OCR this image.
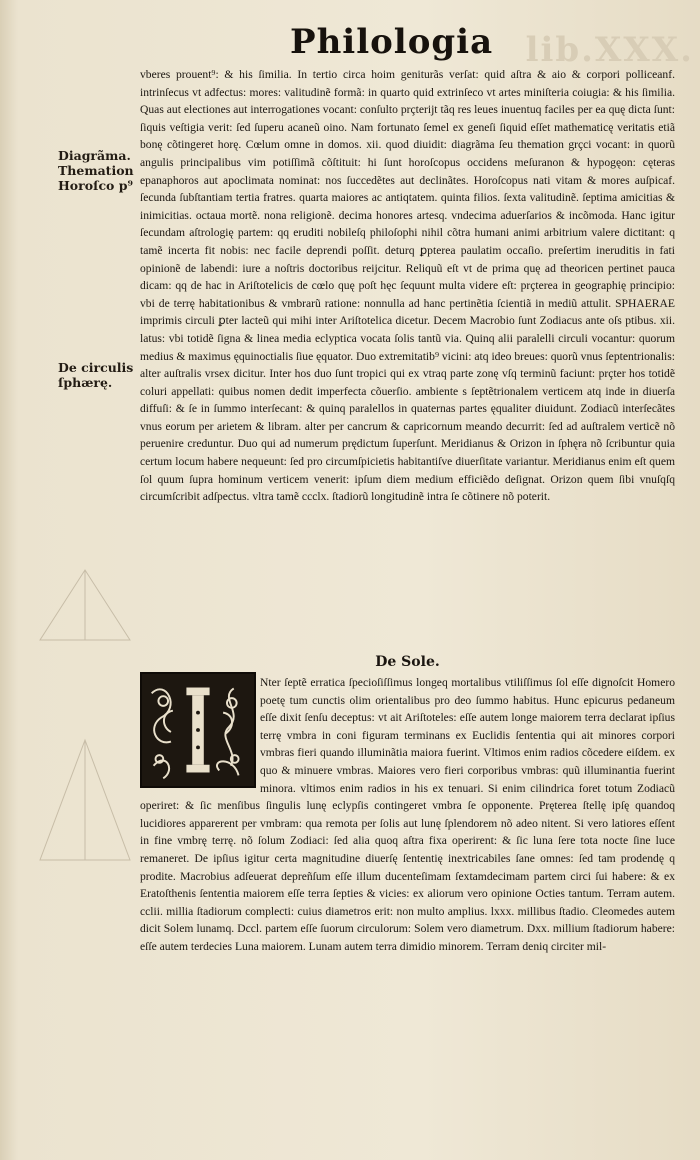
lib.XXX.
Philologia
Diagrãma. Themation Horoſco p⁹
De circulis ſphærę.
vberes prouent⁹: & his ſimilia. In tertio circa hoim geniturãs verſat: quid aſtra & aio & corpori polliceanf. intrinſecus vt adfectus: mores: valitudinẽ formã: in quarto quid extrinſeco vt artes miniſteria coiugia: & his ſimilia. Quas aut electiones aut interrogationes vocant: conſulto prçterijt tãq res leues inuentuq faciles per ea quę dicta ſunt: ſiquis veſtigia verit: ſed ſuperu acaneũ oino. Nam fortunato ſemel ex geneſi ſiquid eſſet mathematicę veritatis etiã bonę cõtingeret horę. Cœlum omne in domos. xii. quod diuidit: diagrãma ſeu themation grçci vocant: in quorũ angulis principalibus vim potiſſimã cõſtituit: hi ſunt horoſcopus occidens meſuranon & hypogęon: cęteras epanaphoros aut apoclimata nominat: nos ſuccedẽtes aut declinãtes. Horoſcopus nati vitam & mores auſpicaf. ſecunda ſubſtantiam tertia fratres. quarta maiores ac antiqtatem. quinta filios. ſexta valitudinẽ. ſeptima amicitias & inimicitias. octaua mortẽ. nona religionẽ. decima honores artesq. vndecima aduerſarios & incõmoda. Hanc igitur ſecundam aſtrologię partem: qq eruditi nobileſq philoſophi nihil cõtra humani animi arbitrium valere dictitant: q tamẽ incerta fit nobis: nec facile deprendi poſſit. deturq ꝑpterea paulatim occaſio. preſertim ineruditis in fati opinionẽ de labendi: iure a noſtris doctoribus reijcitur. Reliquũ eſt vt de prima quę ad theoricen pertinet pauca dicam: qq de hac in Ariſtotelicis de cœlo quę poſt hęc ſequunt multa videre eſt: prçterea in geographię principio: vbi de terrę habitationibus & vmbrarũ ratione: nonnulla ad hanc pertinẽtia ſcientiã in mediũ attulit. SPHAERAE imprimis circuli ꝑter lacteũ qui mihi inter Ariſtotelica dicetur. Decem Macrobio ſunt Zodiacus ante oſs ptibus. xii. latus: vbi totidẽ ſigna & linea media eclyptica vocata ſolis tantũ via. Quinq alii paralelli circuli vocantur: quorum medius & maximus ęquinoctialis ſiue ęquator. Duo extremitatib⁹ vicini: atq ideo breues: quorũ vnus ſeptentrionalis: alter auſtralis vrsex dicitur. Inter hos duo ſunt tropici qui ex vtraq parte zonę vſq terminũ faciunt: prçter hos totidẽ coluri appellati: quibus nomen dedit imperfecta cõuerſio. ambiente s ſeptẽtrionalem verticem atq inde in diuerſa diffuſi: & ſe in ſummo interſecant: & quinq paralellos in quaternas partes ęqualiter diuidunt. Zodiacũ interſecãtes vnus eorum per arietem & libram. alter per cancrum & capricornum meando decurrit: ſed ad auſtralem verticẽ nõ peruenire creduntur. Duo qui ad numerum prędictum ſuperſunt. Meridianus & Orizon in ſphęra nõ ſcribuntur quia certum locum habere nequeunt: ſed pro circumſpicietis habitantiſve diuerſitate variantur. Meridianus enim eſt quem ſol quum ſupra hominum verticem venerit: ipſum diem medium efficiẽdo deſignat. Orizon quem ſibi vnuſqſq circumſcribit adſpectus. vltra tamẽ ccclx. ſtadiorũ longitudinẽ intra ſe cõtinere nõ poterit.
De Sole.
Nter ſeptẽ erratica ſpecioſiſſimus longeq mortalibus vtiliſſimus ſol eſſe dignoſcit Homero poetę tum cunctis olim orientalibus pro deo ſummo habitus. Hunc epicurus pedaneum eſſe dixit ſenſu deceptus: vt ait Ariſtoteles: eſſe autem longe maiorem terra declarat ipſius terrę vmbra in coni figuram terminans ex Euclidis ſententia qui ait minores corpori vmbras fieri quando illuminãtia maiora fuerint. Vltimos enim radios cõcedere eiſdem. ex quo & minuere vmbras. Maiores vero fieri corporibus vmbras: quũ illuminantia fuerint minora. vltimos enim radios in his ex tenuari. Si enim cilindrica foret totum Zodiacũ operiret: & ſic menſibus ſingulis lunę eclypſis contingeret vmbra ſe opponente. Pręterea ſtellę ipſę quandoq lucidiores apparerent per vmbram: qua remota per ſolis aut lunę ſplendorem nõ adeo nitent. Si vero latiores eſſent in fine vmbrę terrę. nõ ſolum Zodiaci: ſed alia quoq aſtra fixa operirent: & ſic luna ſere tota nocte ſine luce remaneret. De ipſius igitur certa magnitudine diuerſę ſententię inextricabiles ſane omnes: ſed tam prodendę q prodite. Macrobius adſeuerat depreñſum eſſe illum ducenteſimam ſextamdecimam partem circi ſui habere: & ex Eratoſthenis ſententia maiorem eſſe terra ſepties & vicies: ex aliorum vero opinione Octies tantum. Terram autem. cclii. millia ſtadiorum complecti: cuius diametros erit: non multo amplius. lxxx. millibus ſtadio. Cleomedes autem dicit Solem lunamq. Dccl. partem eſſe ſuorum circulorum: Solem vero diametrum. Dxx. millium ſtadiorum habere: eſſe autem terdecies Luna maiorem. Lunam autem terra dimidio minorem. Terram deniq circiter mil-
